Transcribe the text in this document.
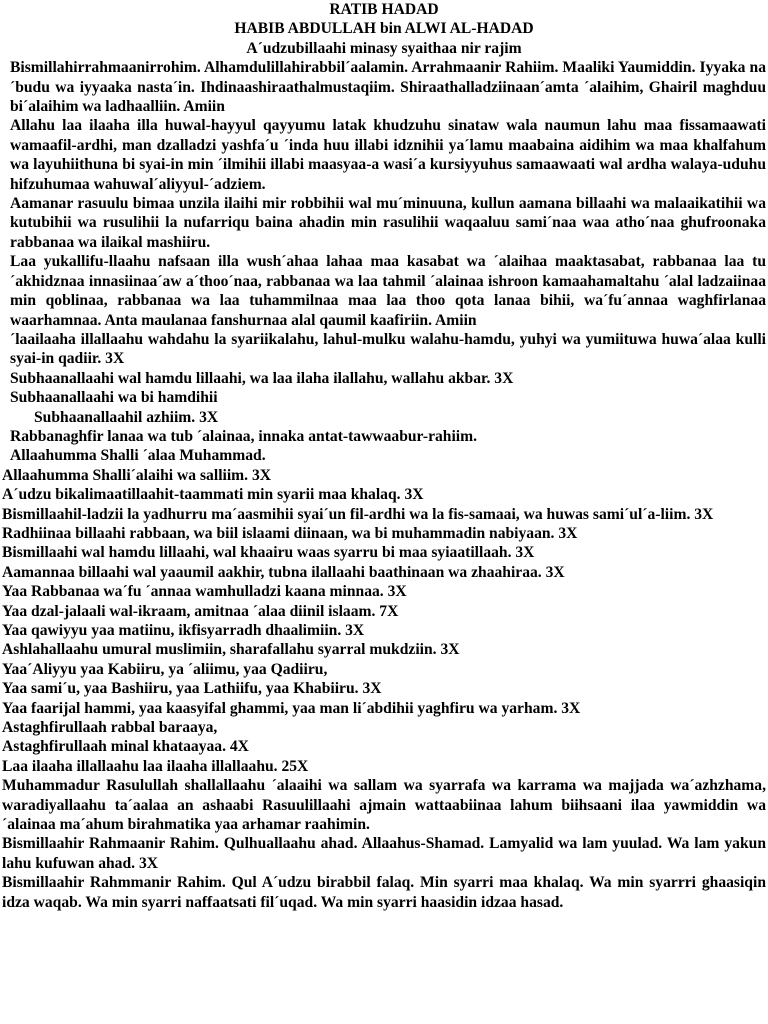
RATIB HADAD

HABIB ABDULLAH bin ALWI AL-HADAD

A´udzubillaahi minasy syaithaa nir rajim

Bismillahirrahmaanirrohim. Alhamdulillahirabbil´aalamin. Arrahmaanir Rahiim. Maaliki Yaumiddin. Iyyaka na´budu wa iyyaaka nasta´in. Ihdinaashiraathalmustaqiim. Shiraathalladziinaan´amta ´alaihim, Ghairil maghduu bi´alaihim wa ladhaalliin. Amiin

Allahu laa ilaaha illa huwal-hayyul qayyumu latak khudzuhu sinataw wala naumun lahu maa fissamaawati wamaafil-ardhi, man dzalladzi yashfa´u ´inda huu illabi idznihii ya´lamu maabaina aidihim wa maa khalfahum wa layuhiithuna bi syai-in min ´ilmihii illabi maasyaa-a wasi´a kursiyyuhus samaawaati wal ardha walaya-uduhu hifzuhumaa wahuwal´aliyyul-´adziem.

Aamanar rasuulu bimaa unzila ilaihi mir robbihii wal mu´minuuna, kullun aamana billaahi wa malaaikatihii wa kutubihii wa rusulihii la nufarriqu baina ahadin min rasulihii waqaaluu sami´naa waa atho´naa ghufroonaka rabbanaa wa ilaikal mashiiru.

Laa yukallifu-llaahu nafsaan illa wush´ahaa lahaa maa kasabat wa ´alaihaa maaktasabat, rabbanaa laa tu´akhidznaa innasiinaa´aw a´thoo´naa, rabbanaa wa laa tahmil ´alainaa ishroon kamaahamaltahu ´alal ladzaiinaa min qoblinaa, rabbanaa wa laa tuhammilnaa maa laa thoo qota lanaa bihii, wa´fu´annaa waghfirlanaa waarhamnaa. Anta maulanaa fanshurnaa alal qaumil kaafiriin. Amiin

´laailaaha illallaahu wahdahu la syariikalahu, lahul-mulku walahu-hamdu, yuhyi wa yumiituwa huwa´alaa kulli syai-in qadiir. 3X

Subhaanallaahi wal hamdu lillaahi, wa laa ilaha ilallahu, wallahu akbar. 3X

Subhaanallaahi wa bi hamdihii

Subhaanallaahil azhiim. 3X

Rabbanaghfir lanaa wa tub ´alainaa, innaka antat-tawwaabur-rahiim.

Allaahumma Shalli ´alaa Muhammad.

Allaahumma Shalli´alaihi wa salliim. 3X

A´udzu bikalimaatillaahit-taammati min syarii maa khalaq. 3X

Bismillaahil-ladzii la yadhurru ma´aasmihii syai´un fil-ardhi wa la fis-samaai, wa huwas sami´ul´a-liim. 3X

Radhiinaa billaahi rabbaan, wa biil islaami diinaan, wa bi muhammadin nabiyaan. 3X

Bismillaahi wal hamdu lillaahi, wal khaairu waas syarru bi maa syiaatillaah. 3X

Aamannaa billaahi wal yaaumil aakhir, tubna ilallaahi baathinaan wa zhaahiraa. 3X

Yaa Rabbanaa wa´fu ´annaa wamhulladzi kaana minnaa. 3X

Yaa dzal-jalaali wal-ikraam, amitnaa ´alaa diinil islaam. 7X

Yaa qawiyyu yaa matiinu, ikfisyarradh dhaalimiin. 3X

Ashlahallaahu umural muslimiin, sharafallahu syarral mukdziin. 3X

Yaa´Aliyyu yaa Kabiiru, ya ´aliimu, yaa Qadiiru,

Yaa sami´u, yaa Bashiiru, yaa Lathiifu, yaa Khabiiru. 3X

Yaa faarijal hammi, yaa kaasyifal ghammi, yaa man li´abdihii yaghfiru wa yarham. 3X

Astaghfirullaah rabbal baraaya,

Astaghfirullaah minal khataayaa. 4X

Laa ilaaha illallaahu laa ilaaha illallaahu. 25X

Muhammadur Rasulullah shallallaahu ´alaaihi wa sallam wa syarrafa wa karrama wa majjada wa´azhzhama, waradiyallaahu ta´aalaa an ashaabi Rasuulillaahi ajmain wattaabiinaa lahum biihsaani ilaa yawmiddin wa ´alainaa ma´ahum birahmatika yaa arhamar raahimin.

Bismillaahir Rahmaanir Rahim. Qulhuallaahu ahad. Allaahus-Shamad. Lamyalid wa lam yuulad. Wa lam yakun lahu kufuwan ahad. 3X

Bismillaahir Rahmmanir Rahim. Qul A´udzu birabbil falaq. Min syarri maa khalaq. Wa min syarrri ghaasiqin idza waqab. Wa min syarri naffaatsati fil´uqad. Wa min syarri haasidin idzaa hasad.
